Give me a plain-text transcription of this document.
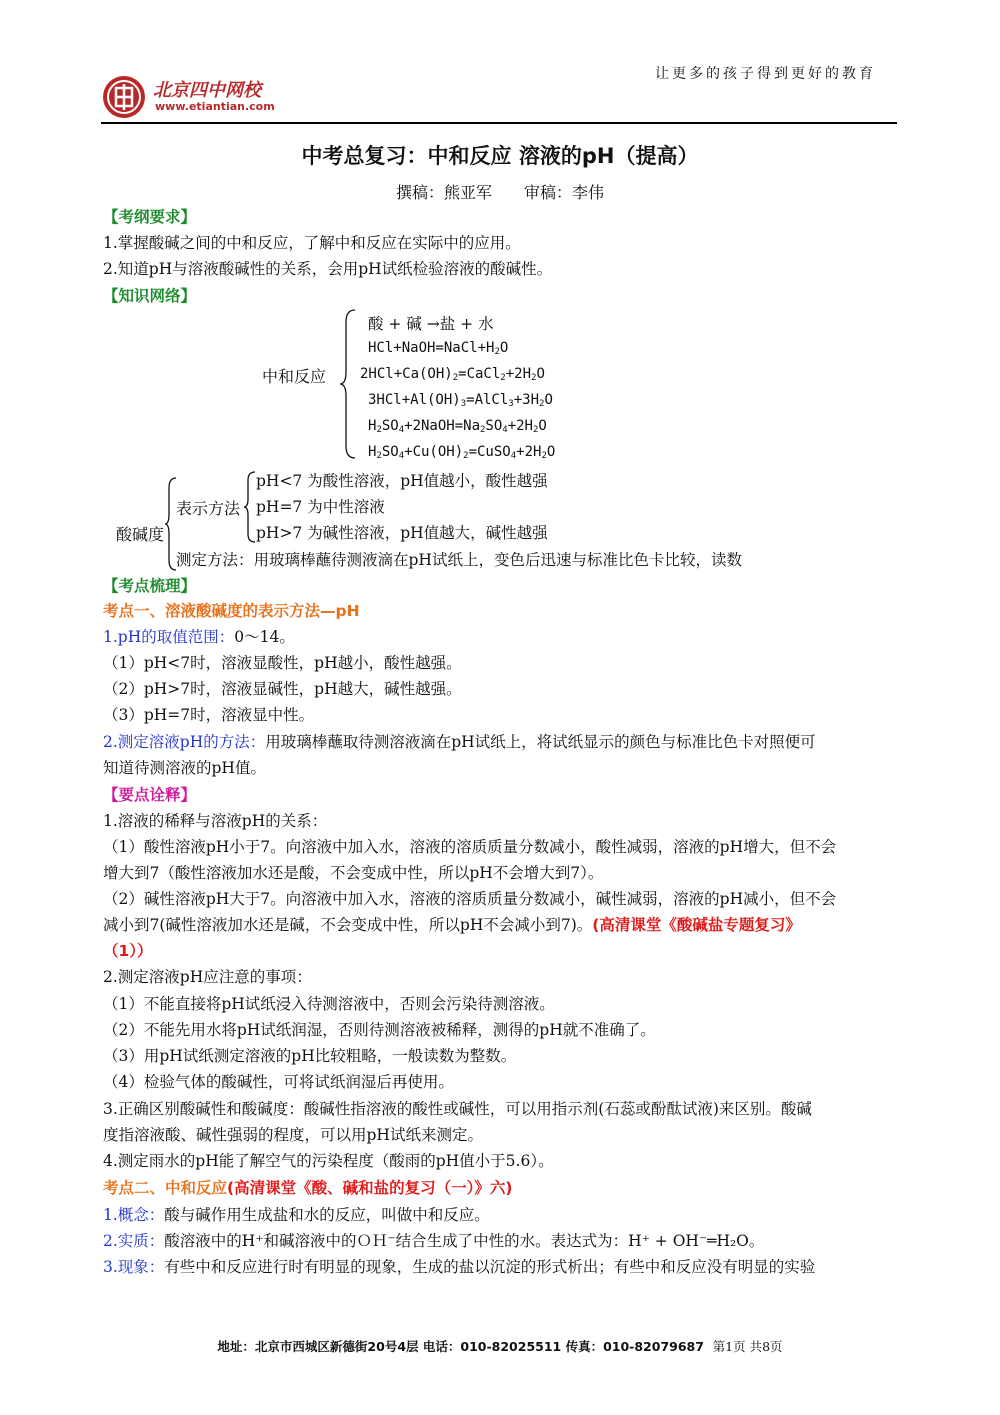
北京四中网校
www.etiantian.com
让更多的孩子得到更好的教育
中考总复习：中和反应 溶液的pH（提高）
撰稿：熊亚军　　审稿：李伟
【考纲要求】
1.掌握酸碱之间的中和反应，了解中和反应在实际中的应用。
2.知道pH与溶液酸碱性的关系，会用pH试纸检验溶液的酸碱性。
【知识网络】
中和反应
酸 + 碱 →盐 + 水
$HCl+NaOH=NaCl+H_2O$
$2HCl+Ca(OH)_2=CaCl_2+2H_2O$
$3HCl+Al(OH)_3=AlCl_3+3H_2O$
$H_2SO_4+2NaOH=Na_2SO_4+2H_2O$
$H_2SO_4+Cu(OH)_2=CuSO_4+2H_2O$
酸碱度
表示方法
pH<7 为酸性溶液，pH值越小，酸性越强
pH=7 为中性溶液
pH>7 为碱性溶液，pH值越大，碱性越强
测定方法：用玻璃棒蘸待测液滴在pH试纸上，变色后迅速与标准比色卡比较，读数
【考点梳理】
考点一、溶液酸碱度的表示方法—pH
1.pH的取值范围：0～14。
（1）pH<7时，溶液显酸性，pH越小，酸性越强。
（2）pH>7时，溶液显碱性，pH越大，碱性越强。
（3）pH=7时，溶液显中性。
2.测定溶液pH的方法：用玻璃棒蘸取待测溶液滴在pH试纸上，将试纸显示的颜色与标准比色卡对照便可
知道待测溶液的pH值。
【要点诠释】
1.溶液的稀释与溶液pH的关系：
（1）酸性溶液pH小于7。向溶液中加入水，溶液的溶质质量分数减小，酸性减弱，溶液的pH增大，但不会
增大到7（酸性溶液加水还是酸，不会变成中性，所以pH不会增大到7）。
（2）碱性溶液pH大于7。向溶液中加入水，溶液的溶质质量分数减小，碱性减弱，溶液的pH减小，但不会
减小到7(碱性溶液加水还是碱，不会变成中性，所以pH不会减小到7)。(高清课堂《酸碱盐专题复习》
（1））
2.测定溶液pH应注意的事项：
（1）不能直接将pH试纸浸入待测溶液中，否则会污染待测溶液。
（2）不能先用水将pH试纸润湿，否则待测溶液被稀释，测得的pH就不准确了。
（3）用pH试纸测定溶液的pH比较粗略，一般读数为整数。
（4）检验气体的酸碱性，可将试纸润湿后再使用。
3.正确区别酸碱性和酸碱度：酸碱性指溶液的酸性或碱性，可以用指示剂(石蕊或酚酞试液)来区别。酸碱
度指溶液酸、碱性强弱的程度，可以用pH试纸来测定。
4.测定雨水的pH能了解空气的污染程度（酸雨的pH值小于5.6）。
考点二、中和反应(高清课堂《酸、碱和盐的复习（一）》六)
1.概念：酸与碱作用生成盐和水的反应，叫做中和反应。
2.实质：酸溶液中的H⁺和碱溶液中的ＯＨ⁻结合生成了中性的水。表达式为：H⁺ + OH⁻═H₂O。
3.现象：有些中和反应进行时有明显的现象，生成的盐以沉淀的形式析出；有些中和反应没有明显的实验
地址：北京市西城区新德街20号4层 电话：010-82025511 传真：010-82079687 第1页 共8页
